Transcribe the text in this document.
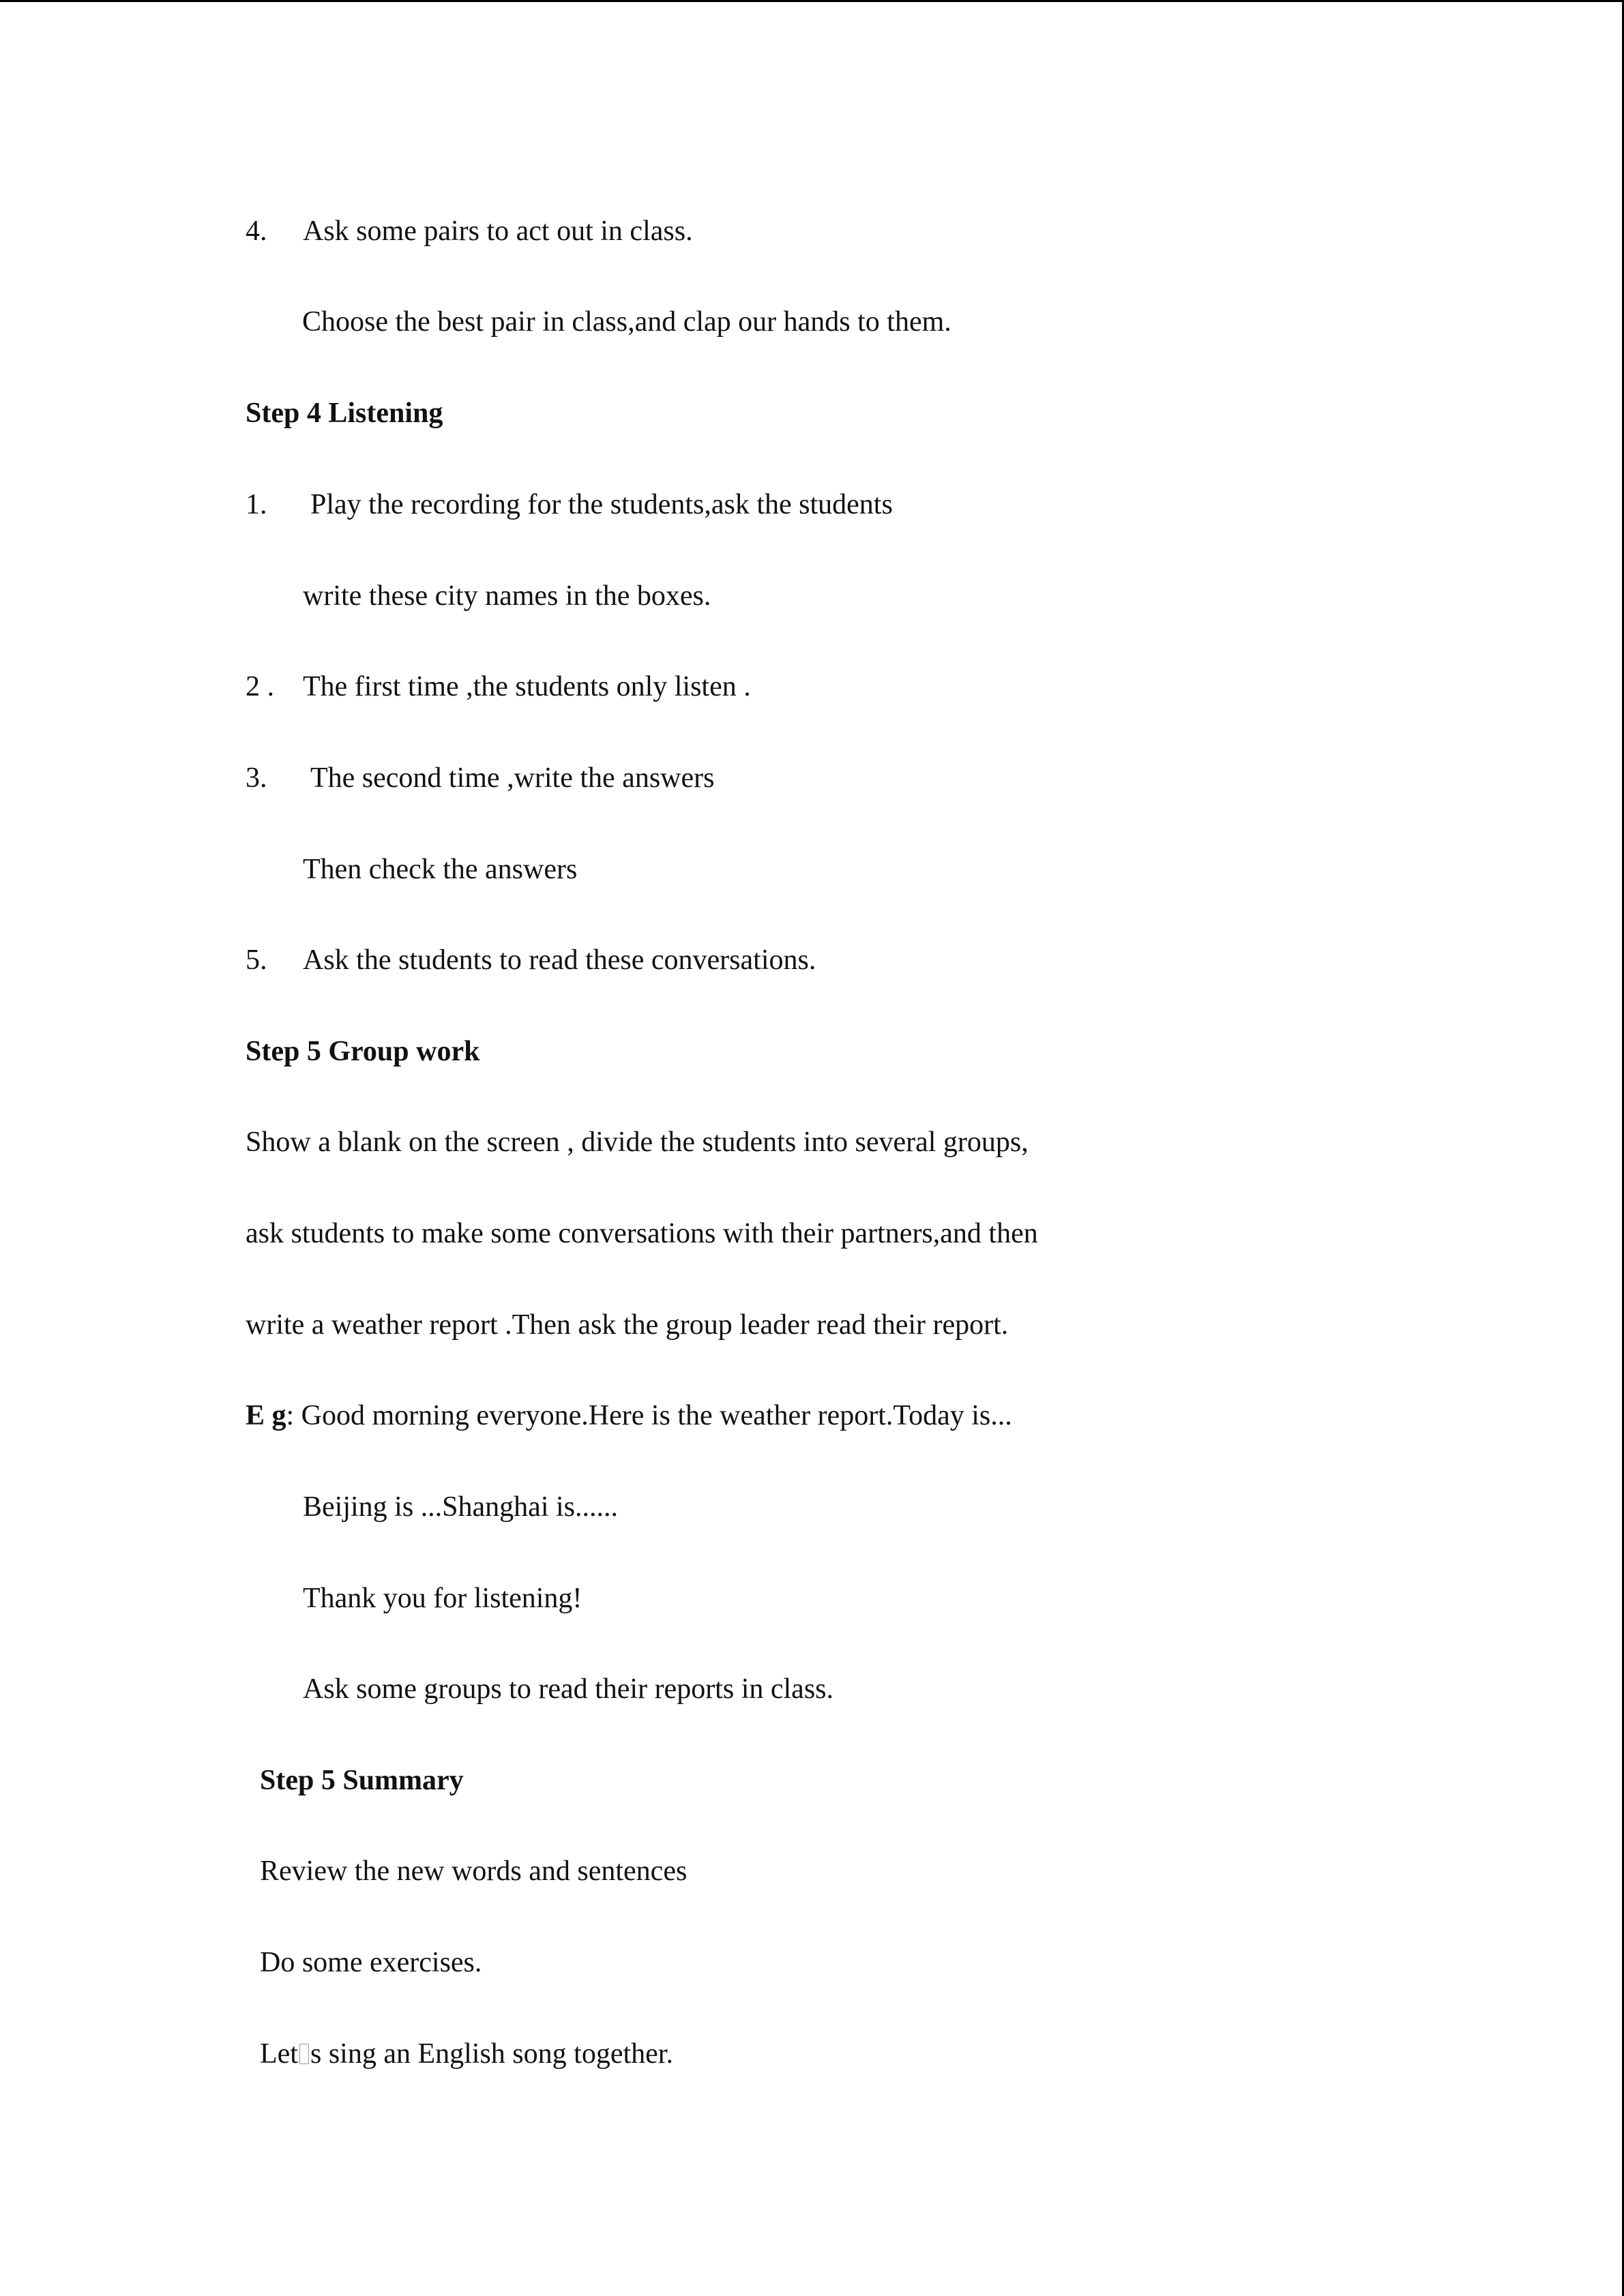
4. Ask some pairs to act out in class.
Choose the best pair in class,and clap our hands to them.
Step 4 Listening
1. Play the recording for the students,ask the students
write these city names in the boxes.
2 . The first time ,the students only listen .
3. The second time ,write the answers
Then check the answers
5. Ask the students to read these conversations.
Step 5 Group work
Show a blank on the screen , divide the students into several groups,
ask students to make some conversations with their partners,and then
write a weather report .Then ask the group leader read their report.
E g: Good morning everyone.Here is the weather report.Today is...
Beijing is ...Shanghai is......
Thank you for listening!
Ask some groups to read their reports in class.
Step 5 Summary
Review the new words and sentences
Do some exercises.
Let s sing an English song together.
